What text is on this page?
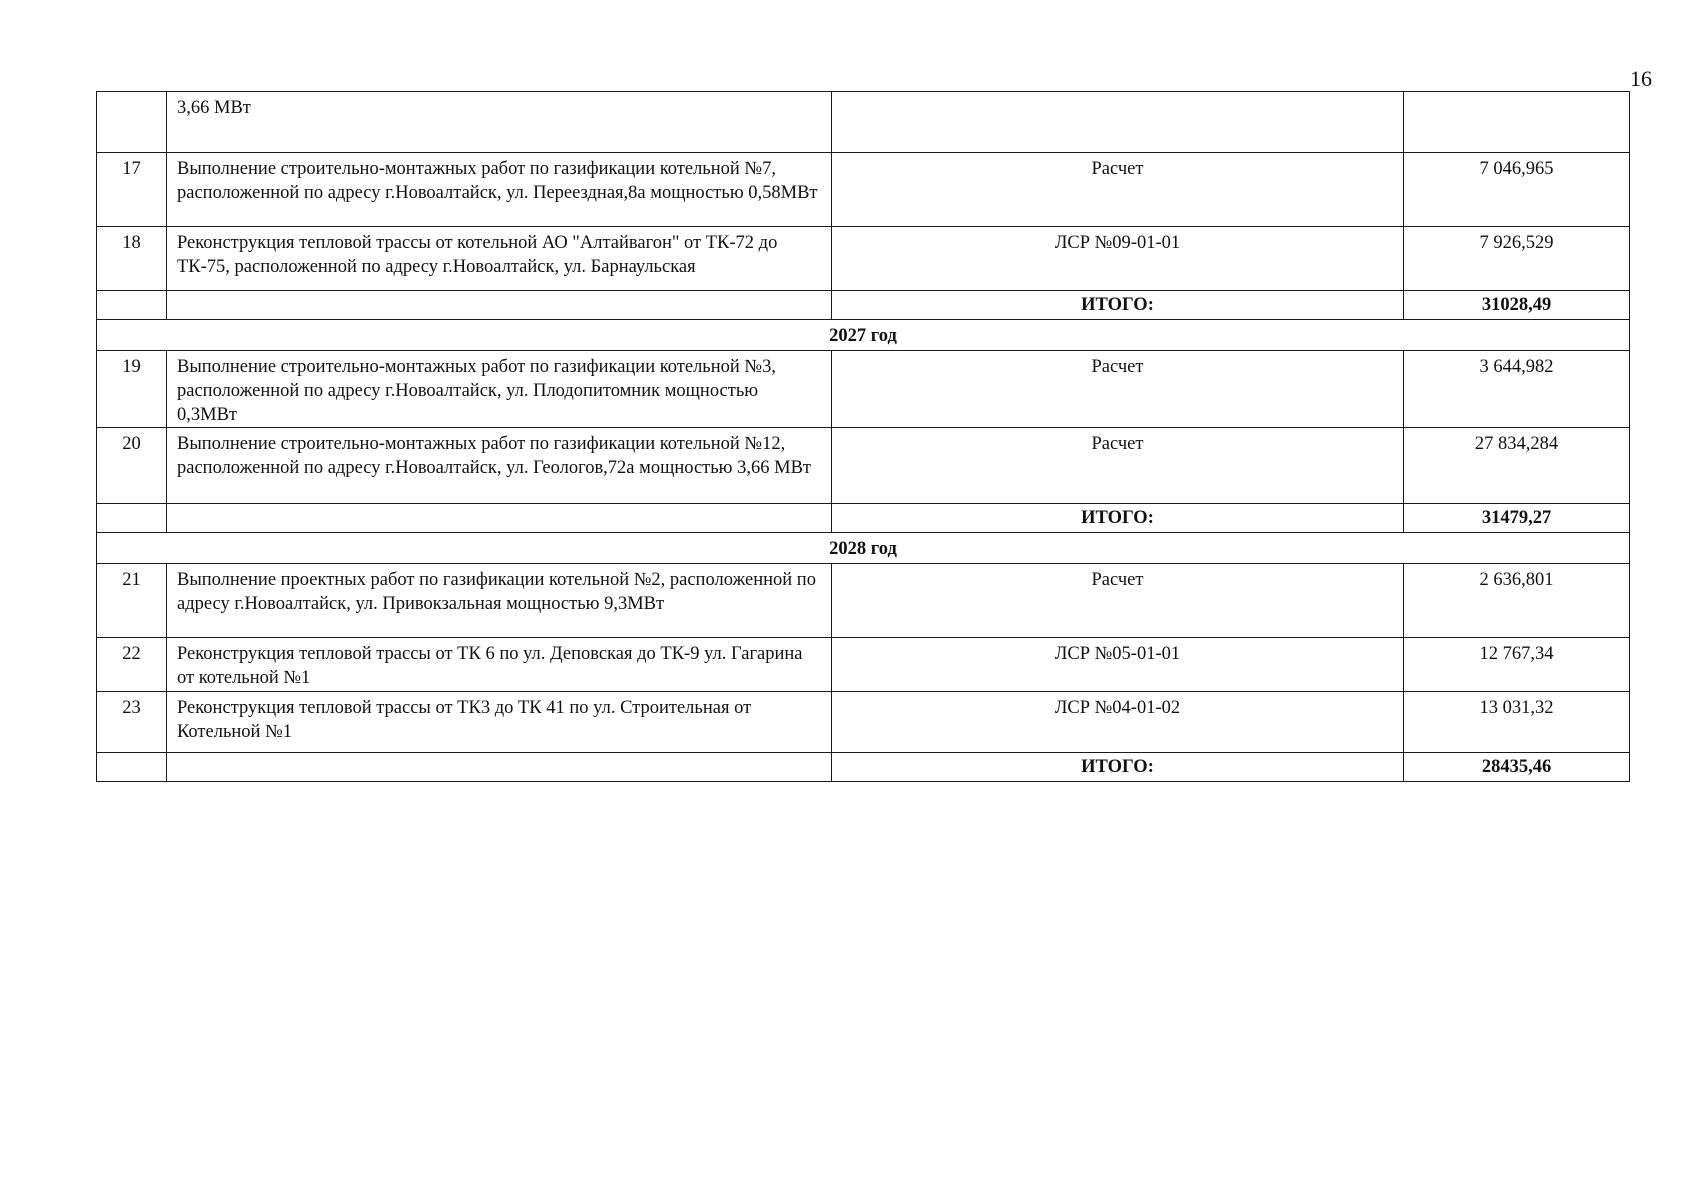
16
	3,66 МВт		
17	Выполнение строительно-монтажных работ по газификации котельной №7, расположенной по адресу г.Новоалтайск, ул. Переездная,8а мощностью 0,58МВт	Расчет	7 046,965
18	Реконструкция тепловой трассы от котельной АО "Алтайвагон" от ТК-72 до ТК-75, расположенной по адресу г.Новоалтайск, ул. Барнаульская	ЛСР №09-01-01	7 926,529
		ИТОГО:	31028,49
2027 год			
19	Выполнение строительно-монтажных работ по газификации котельной №3, расположенной по адресу г.Новоалтайск, ул. Плодопитомник мощностью 0,3МВт	Расчет	3 644,982
20	Выполнение строительно-монтажных работ по газификации котельной №12, расположенной по адресу г.Новоалтайск, ул. Геологов,72а мощностью 3,66 МВт	Расчет	27 834,284
		ИТОГО:	31479,27
2028 год			
21	Выполнение проектных работ по газификации котельной №2, расположенной по адресу г.Новоалтайск, ул. Привокзальная мощностью 9,3МВт	Расчет	2 636,801
22	Реконструкция тепловой трассы от ТК 6 по ул. Деповская до ТК-9 ул. Гагарина от котельной №1	ЛСР №05-01-01	12 767,34
23	Реконструкция тепловой трассы от ТК3 до ТК 41 по ул. Строительная от Котельной №1	ЛСР №04-01-02	13 031,32
		ИТОГО:	28435,46
